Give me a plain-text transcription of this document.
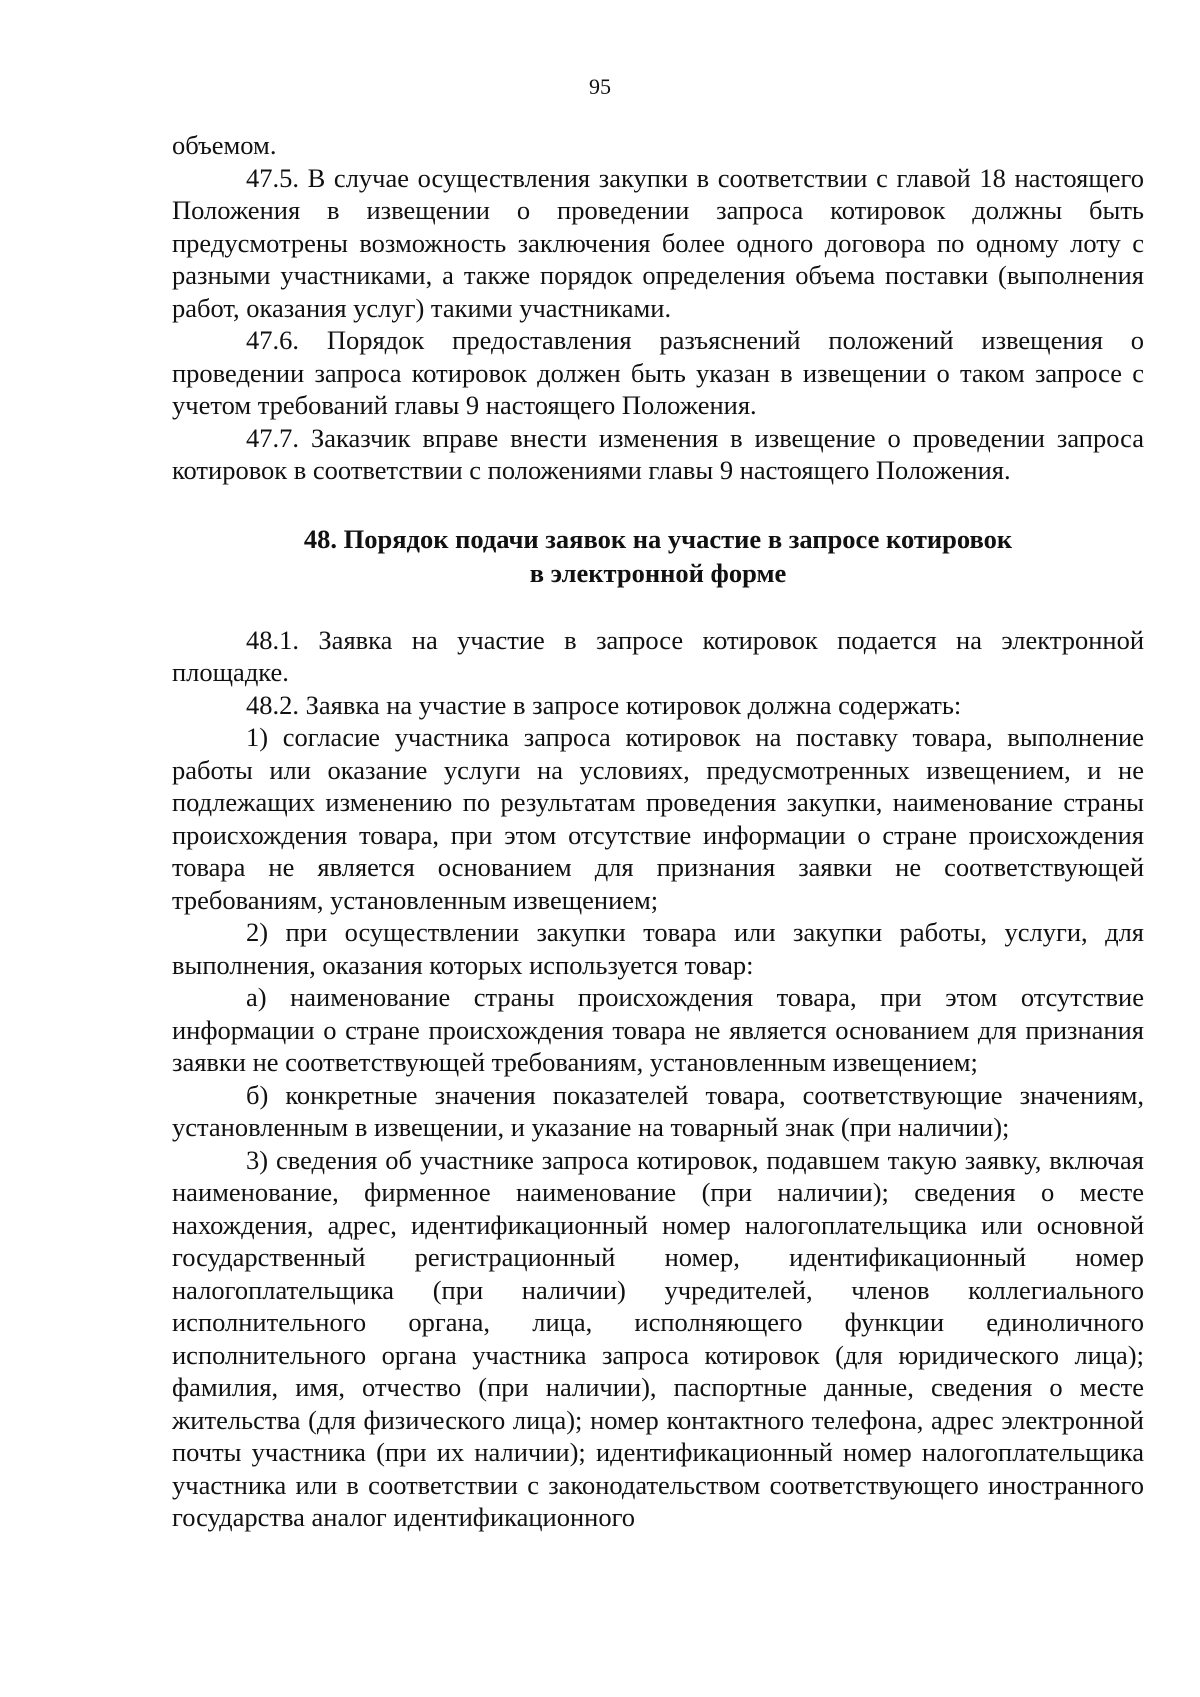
95

объемом.

47.5. В случае осуществления закупки в соответствии с главой 18 настоящего Положения в извещении о проведении запроса котировок должны быть предусмотрены возможность заключения более одного договора по одному лоту с разными участниками, а также порядок определения объема поставки (выполнения работ, оказания услуг) такими участниками.

47.6. Порядок предоставления разъяснений положений извещения о проведении запроса котировок должен быть указан в извещении о таком запросе с учетом требований главы 9 настоящего Положения.

47.7. Заказчик вправе внести изменения в извещение о проведении запроса котировок в соответствии с положениями главы 9 настоящего Положения.

48. Порядок подачи заявок на участие в запросе котировок
в электронной форме

48.1. Заявка на участие в запросе котировок подается на электронной площадке.

48.2. Заявка на участие в запросе котировок должна содержать:

1) согласие участника запроса котировок на поставку товара, выполнение работы или оказание услуги на условиях, предусмотренных извещением, и не подлежащих изменению по результатам проведения закупки, наименование страны происхождения товара, при этом отсутствие информации о стране происхождения товара не является основанием для признания заявки не соответствующей требованиям, установленным извещением;

2) при осуществлении закупки товара или закупки работы, услуги, для выполнения, оказания которых используется товар:

а) наименование страны происхождения товара, при этом отсутствие информации о стране происхождения товара не является основанием для признания заявки не соответствующей требованиям, установленным извещением;

б) конкретные значения показателей товара, соответствующие значениям, установленным в извещении, и указание на товарный знак (при наличии);

3) сведения об участнике запроса котировок, подавшем такую заявку, включая наименование, фирменное наименование (при наличии); сведения о месте нахождения, адрес, идентификационный номер налогоплательщика или основной государственный регистрационный номер, идентификационный номер налогоплательщика (при наличии) учредителей, членов коллегиального исполнительного органа, лица, исполняющего функции единоличного исполнительного органа участника запроса котировок (для юридического лица); фамилия, имя, отчество (при наличии), паспортные данные, сведения о месте жительства (для физического лица); номер контактного телефона, адрес электронной почты участника (при их наличии); идентификационный номер налогоплательщика участника или в соответствии с законодательством соответствующего иностранного государства аналог идентификационного
